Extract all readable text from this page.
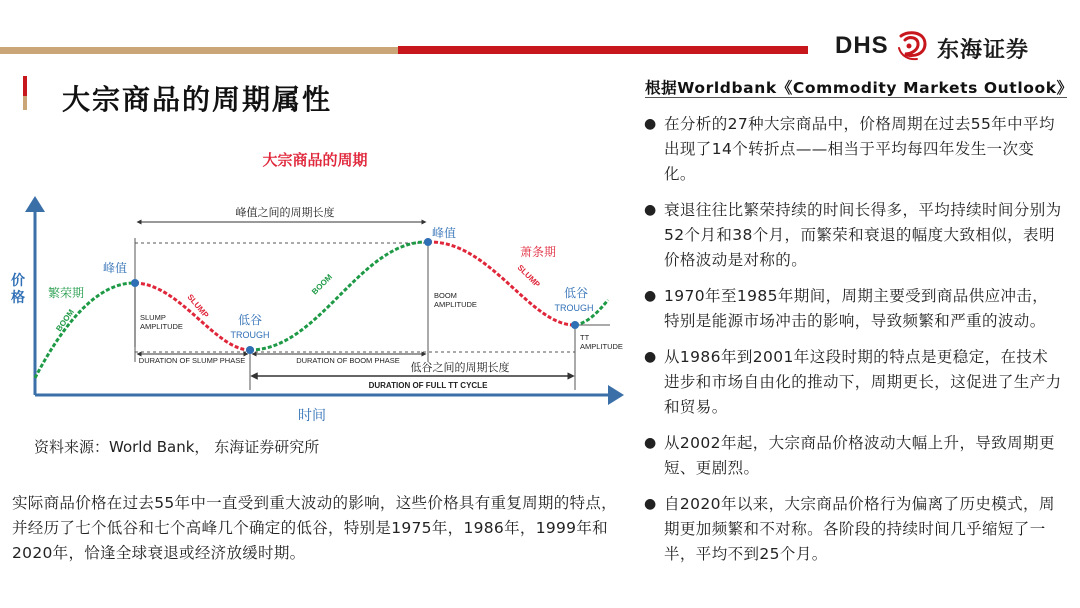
DHS 东海证券
大宗商品的周期属性
大宗商品的周期
价
格
时间
峰值之间的周期长度
SLUMP
AMPLITUDE
BOOM
AMPLITUDE
TT
AMPLITUDE
DURATION OF SLUMP PHASE	DURATION OF BOOM PHASE
低谷之间的周期长度
DURATION OF FULL TT CYCLE
BOOM
SLUMP
BOOM	SLUMP
峰值
低谷
TROUGH
峰值
低谷
TROUGH
繁荣期
萧条期
资料来源：World Bank， 东海证券研究所
实际商品价格在过去55年中一直受到重大波动的影响，这些价格具有重复周期的特点，并经历了七个低谷和七个高峰几个确定的低谷，特别是1975年，1986年，1999年和2020年，恰逢全球衰退或经济放缓时期。
根据Worldbank《Commodity Markets Outlook》
● 在分析的27种大宗商品中，价格周期在过去55年中平均出现了14个转折点——相当于平均每四年发生一次变化。
● 衰退往往比繁荣持续的时间长得多，平均持续时间分别为52个月和38个月，而繁荣和衰退的幅度大致相似，表明价格波动是对称的。
● 1970年至1985年期间，周期主要受到商品供应冲击，特别是能源市场冲击的影响，导致频繁和严重的波动。
● 从1986年到2001年这段时期的特点是更稳定，在技术进步和市场自由化的推动下，周期更长，这促进了生产力和贸易。
● 从2002年起，大宗商品价格波动大幅上升，导致周期更短、更剧烈。
● 自2020年以来，大宗商品价格行为偏离了历史模式，周期更加频繁和不对称。各阶段的持续时间几乎缩短了一半，平均不到25个月。
